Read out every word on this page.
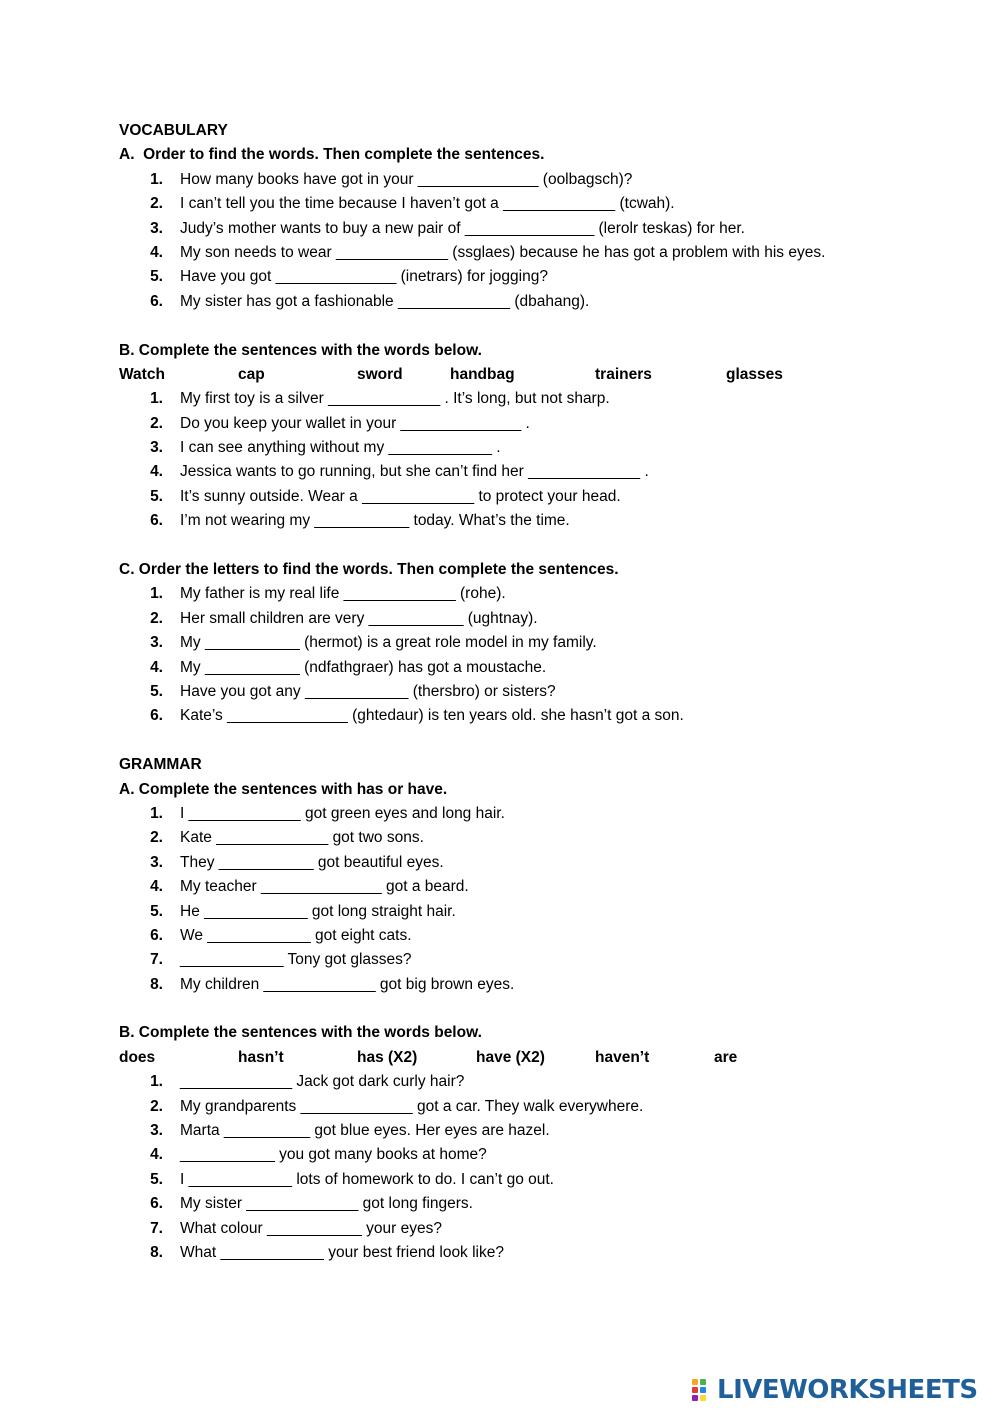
VOCABULARY
A.  Order to find the words. Then complete the sentences.
1. How many books have got in your ______________ (oolbagsch)?
2. I can’t tell you the time because I haven’t got a _____________ (tcwah).
3. Judy’s mother wants to buy a new pair of _______________ (lerolr teskas) for her.
4. My son needs to wear _____________ (ssglaes) because he has got a problem with his eyes.
5. Have you got ______________ (inetrars) for jogging?
6. My sister has got a fashionable _____________ (dbahang).
B. Complete the sentences with the words below.
Watch	cap	sword	handbag	trainers	glasses
1. My first toy is a silver _____________ . It’s long, but not sharp.
2. Do you keep your wallet in your ______________ .
3. I can see anything without my ____________ .
4. Jessica wants to go running, but she can’t find her _____________ .
5. It’s sunny outside. Wear a _____________ to protect your head.
6. I’m not wearing my ___________ today. What’s the time.
C. Order the letters to find the words. Then complete the sentences.
1. My father is my real life _____________ (rohe).
2. Her small children are very ___________ (ughtnay).
3. My ___________ (hermot) is a great role model in my family.
4. My ___________ (ndfathgraer) has got a moustache.
5. Have you got any ____________ (thersbro) or sisters?
6. Kate’s ______________ (ghtedaur) is ten years old. she hasn’t got a son.
GRAMMAR
A. Complete the sentences with has or have.
1. I _____________ got green eyes and long hair.
2. Kate _____________ got two sons.
3. They ___________ got beautiful eyes.
4. My teacher ______________ got a beard.
5. He ____________ got long straight hair.
6. We ____________ got eight cats.
7. ____________ Tony got glasses?
8. My children _____________ got big brown eyes.
B. Complete the sentences with the words below.
does	hasn’t	has (X2)	have (X2)	haven’t	are
1. _____________ Jack got dark curly hair?
2. My grandparents _____________ got a car. They walk everywhere.
3. Marta __________ got blue eyes. Her eyes are hazel.
4. ___________ you got many books at home?
5. I ____________ lots of homework to do. I can’t go out.
6. My sister _____________ got long fingers.
7. What colour ___________ your eyes?
8. What ____________ your best friend look like?
LIVEWORKSHEETS
